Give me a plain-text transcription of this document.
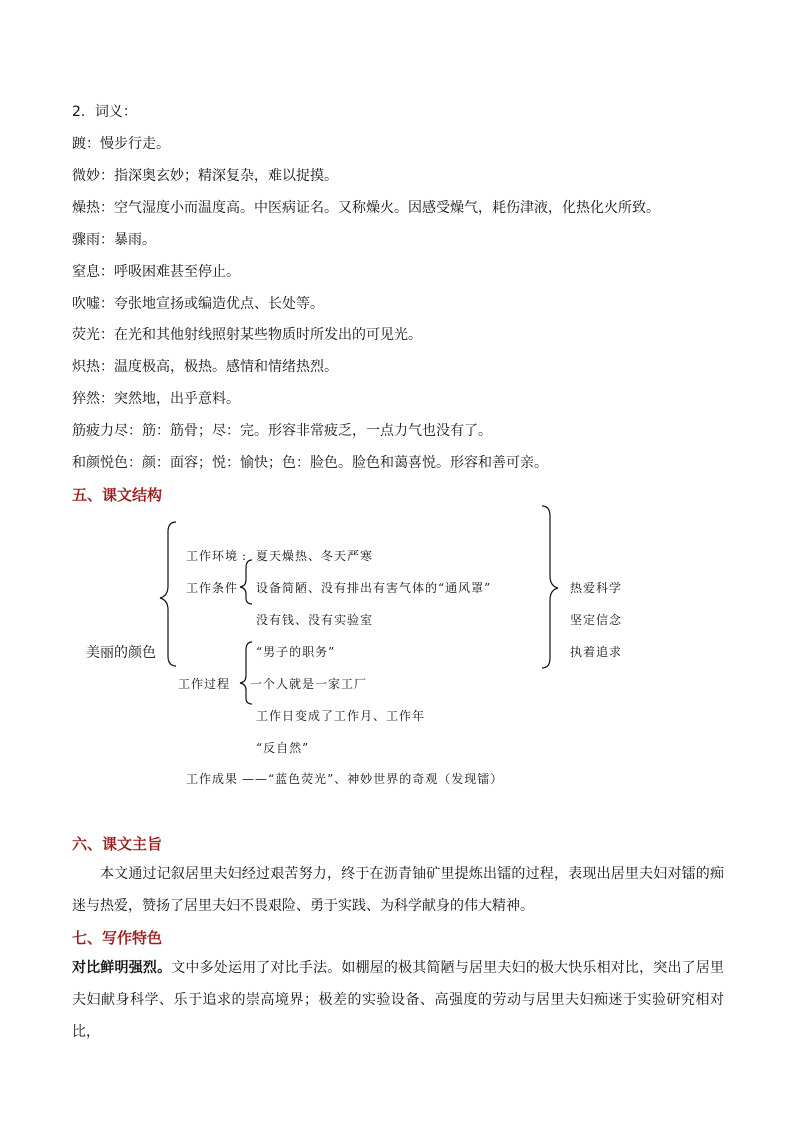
2．词义：
踱：慢步行走。
微妙：指深奥玄妙；精深复杂，难以捉摸。
燥热：空气湿度小而温度高。中医病证名。又称燥火。因感受燥气，耗伤津液，化热化火所致。
骤雨：暴雨。
窒息：呼吸困难甚至停止。
吹嘘：夸张地宣扬或编造优点、长处等。
荧光：在光和其他射线照射某些物质时所发出的可见光。
炽热：温度极高，极热。感情和情绪热烈。
猝然：突然地，出乎意料。
筋疲力尽：筋：筋骨；尽：完。形容非常疲乏，一点力气也没有了。
和颜悦色：颜：面容；悦：愉快；色：脸色。脸色和蔼喜悦。形容和善可亲。
五、课文结构
美丽的颜色
工作环境 : 夏天燥热、冬天严寒
工作条件 设备简陋、没有排出有害气体的“通风罩”
没有钱、没有实验室
“男子的职务”
工作过程 一个人就是一家工厂
工作日变成了工作月、工作年
“反自然”
工作成果 ——“蓝色荧光”、神妙世界的奇观（发现镭）
热爱科学
坚定信念
执着追求
六、课文主旨
本文通过记叙居里夫妇经过艰苦努力，终于在沥青铀矿里提炼出镭的过程，表现出居里夫妇对镭的痴迷与热爱，赞扬了居里夫妇不畏艰险、勇于实践、为科学献身的伟大精神。
七、写作特色
对比鲜明强烈。文中多处运用了对比手法。如棚屋的极其简陋与居里夫妇的极大快乐相对比，突出了居里夫妇献身科学、乐于追求的崇高境界；极差的实验设备、高强度的劳动与居里夫妇痴迷于实验研究相对比，
